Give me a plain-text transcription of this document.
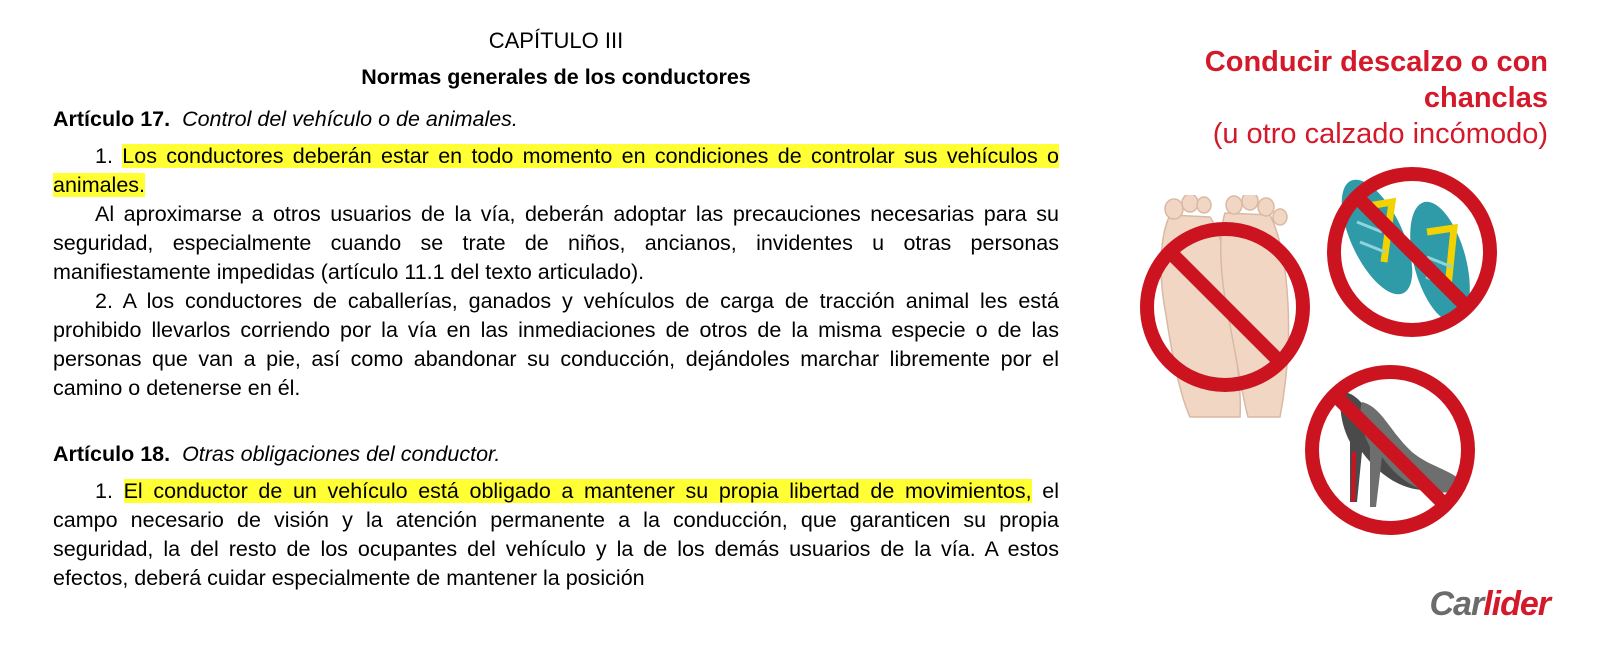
CAPÍTULO III
Normas generales de los conductores
Artículo 17. Control del vehículo o de animales.

1. Los conductores deberán estar en todo momento en condiciones de controlar sus vehículos o animales.

Al aproximarse a otros usuarios de la vía, deberán adoptar las precauciones necesarias para su seguridad, especialmente cuando se trate de niños, ancianos, invidentes u otras personas manifiestamente impedidas (artículo 11.1 del texto articulado).

2. A los conductores de caballerías, ganados y vehículos de carga de tracción animal les está prohibido llevarlos corriendo por la vía en las inmediaciones de otros de la misma especie o de las personas que van a pie, así como abandonar su conducción, dejándoles marchar libremente por el camino o detenerse en él.

Artículo 18. Otras obligaciones del conductor.

1. El conductor de un vehículo está obligado a mantener su propia libertad de movimientos, el campo necesario de visión y la atención permanente a la conducción, que garanticen su propia seguridad, la del resto de los ocupantes del vehículo y la de los demás usuarios de la vía. A estos efectos, deberá cuidar especialmente de mantener la posición

Conducir descalzo o con chanclas
(u otro calzado incómodo)
Carlider
